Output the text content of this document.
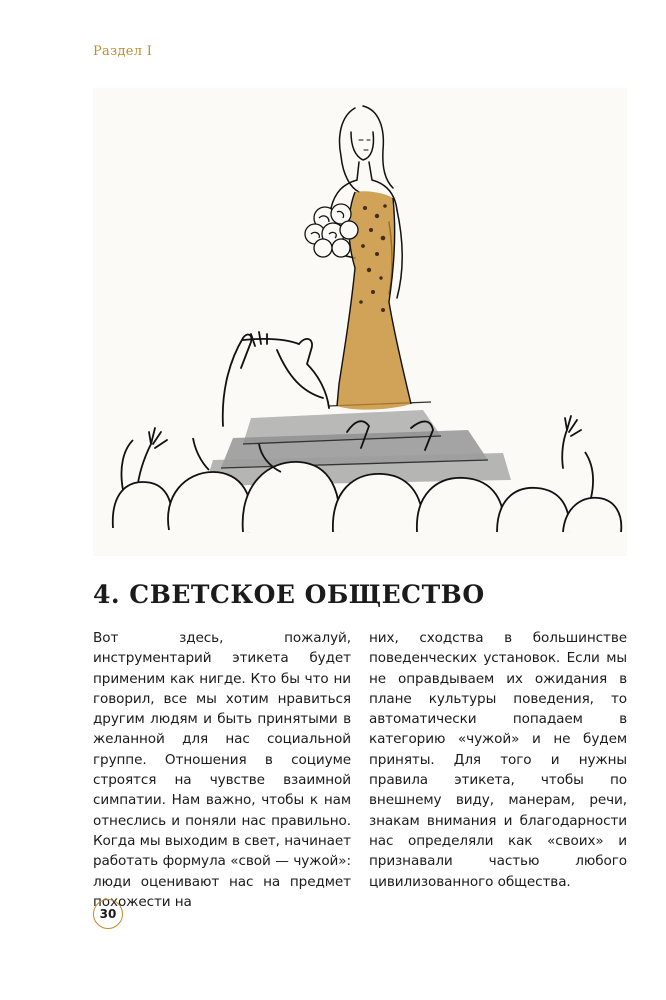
Раздел I
4. СВЕТСКОЕ ОБЩЕСТВО

Вот здесь, пожалуй, инструментарий этикета будет применим как нигде. Кто бы что ни говорил, все мы хотим нравиться другим людям и быть принятыми в желанной для нас социальной группе. Отношения в социуме строятся на чувстве взаимной симпатии. Нам важно, чтобы к нам отнеслись и поняли нас правильно. Когда мы выходим в свет, начинает работать формула «свой — чужой»: люди оценивают нас на предмет похожести на

них, сходства в большинстве поведенческих установок. Если мы не оправдываем их ожидания в плане культуры поведения, то автоматически попадаем в категорию «чужой» и не будем приняты. Для того и нужны правила этикета, чтобы по внешнему виду, манерам, речи, знакам внимания и благодарности нас определяли как «своих» и признавали частью любого цивилизованного общества.

30
